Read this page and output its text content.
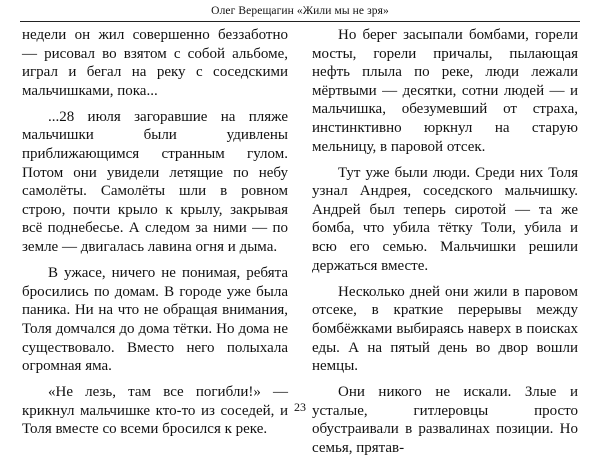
Олег Верещагин «Жили мы не зря»

недели он жил совершенно беззаботно — рисовал во взятом с собой альбоме, играл и бегал на реку с соседскими мальчишками, пока...

...28 июля загоравшие на пляже мальчишки были удивлены приближающимся странным гулом. Потом они увидели летящие по небу самолёты. Самолёты шли в ровном строю, почти крыло к крылу, закрывая всё поднебесье. А следом за ними — по земле — двигалась лавина огня и дыма.

В ужасе, ничего не понимая, ребята бросились по домам. В городе уже была паника. Ни на что не обращая внимания, Толя домчался до дома тётки. Но дома не существовало. Вместо него полыхала огромная яма.

«Не лезь, там все погибли!» — крикнул мальчишке кто-то из соседей, и Толя вместе со всеми бросился к реке.

Но берег засыпали бомбами, горели мосты, горели причалы, пылающая нефть плыла по реке, люди лежали мёртвыми — десятки, сотни людей — и мальчишка, обезумевший от страха, инстинктивно юркнул на старую мельницу, в паровой отсек.

Тут уже были люди. Среди них Толя узнал Андрея, соседского мальчишку. Андрей был теперь сиротой — та же бомба, что убила тётку Толи, убила и всю его семью. Мальчишки решили держаться вместе.

Несколько дней они жили в паровом отсеке, в краткие перерывы между бомбёжками выбираясь наверх в поисках еды. А на пятый день во двор вошли немцы.

Они никого не искали. Злые и усталые, гитлеровцы просто обустраивали в развалинах позиции. Но семья, прятав-

23
